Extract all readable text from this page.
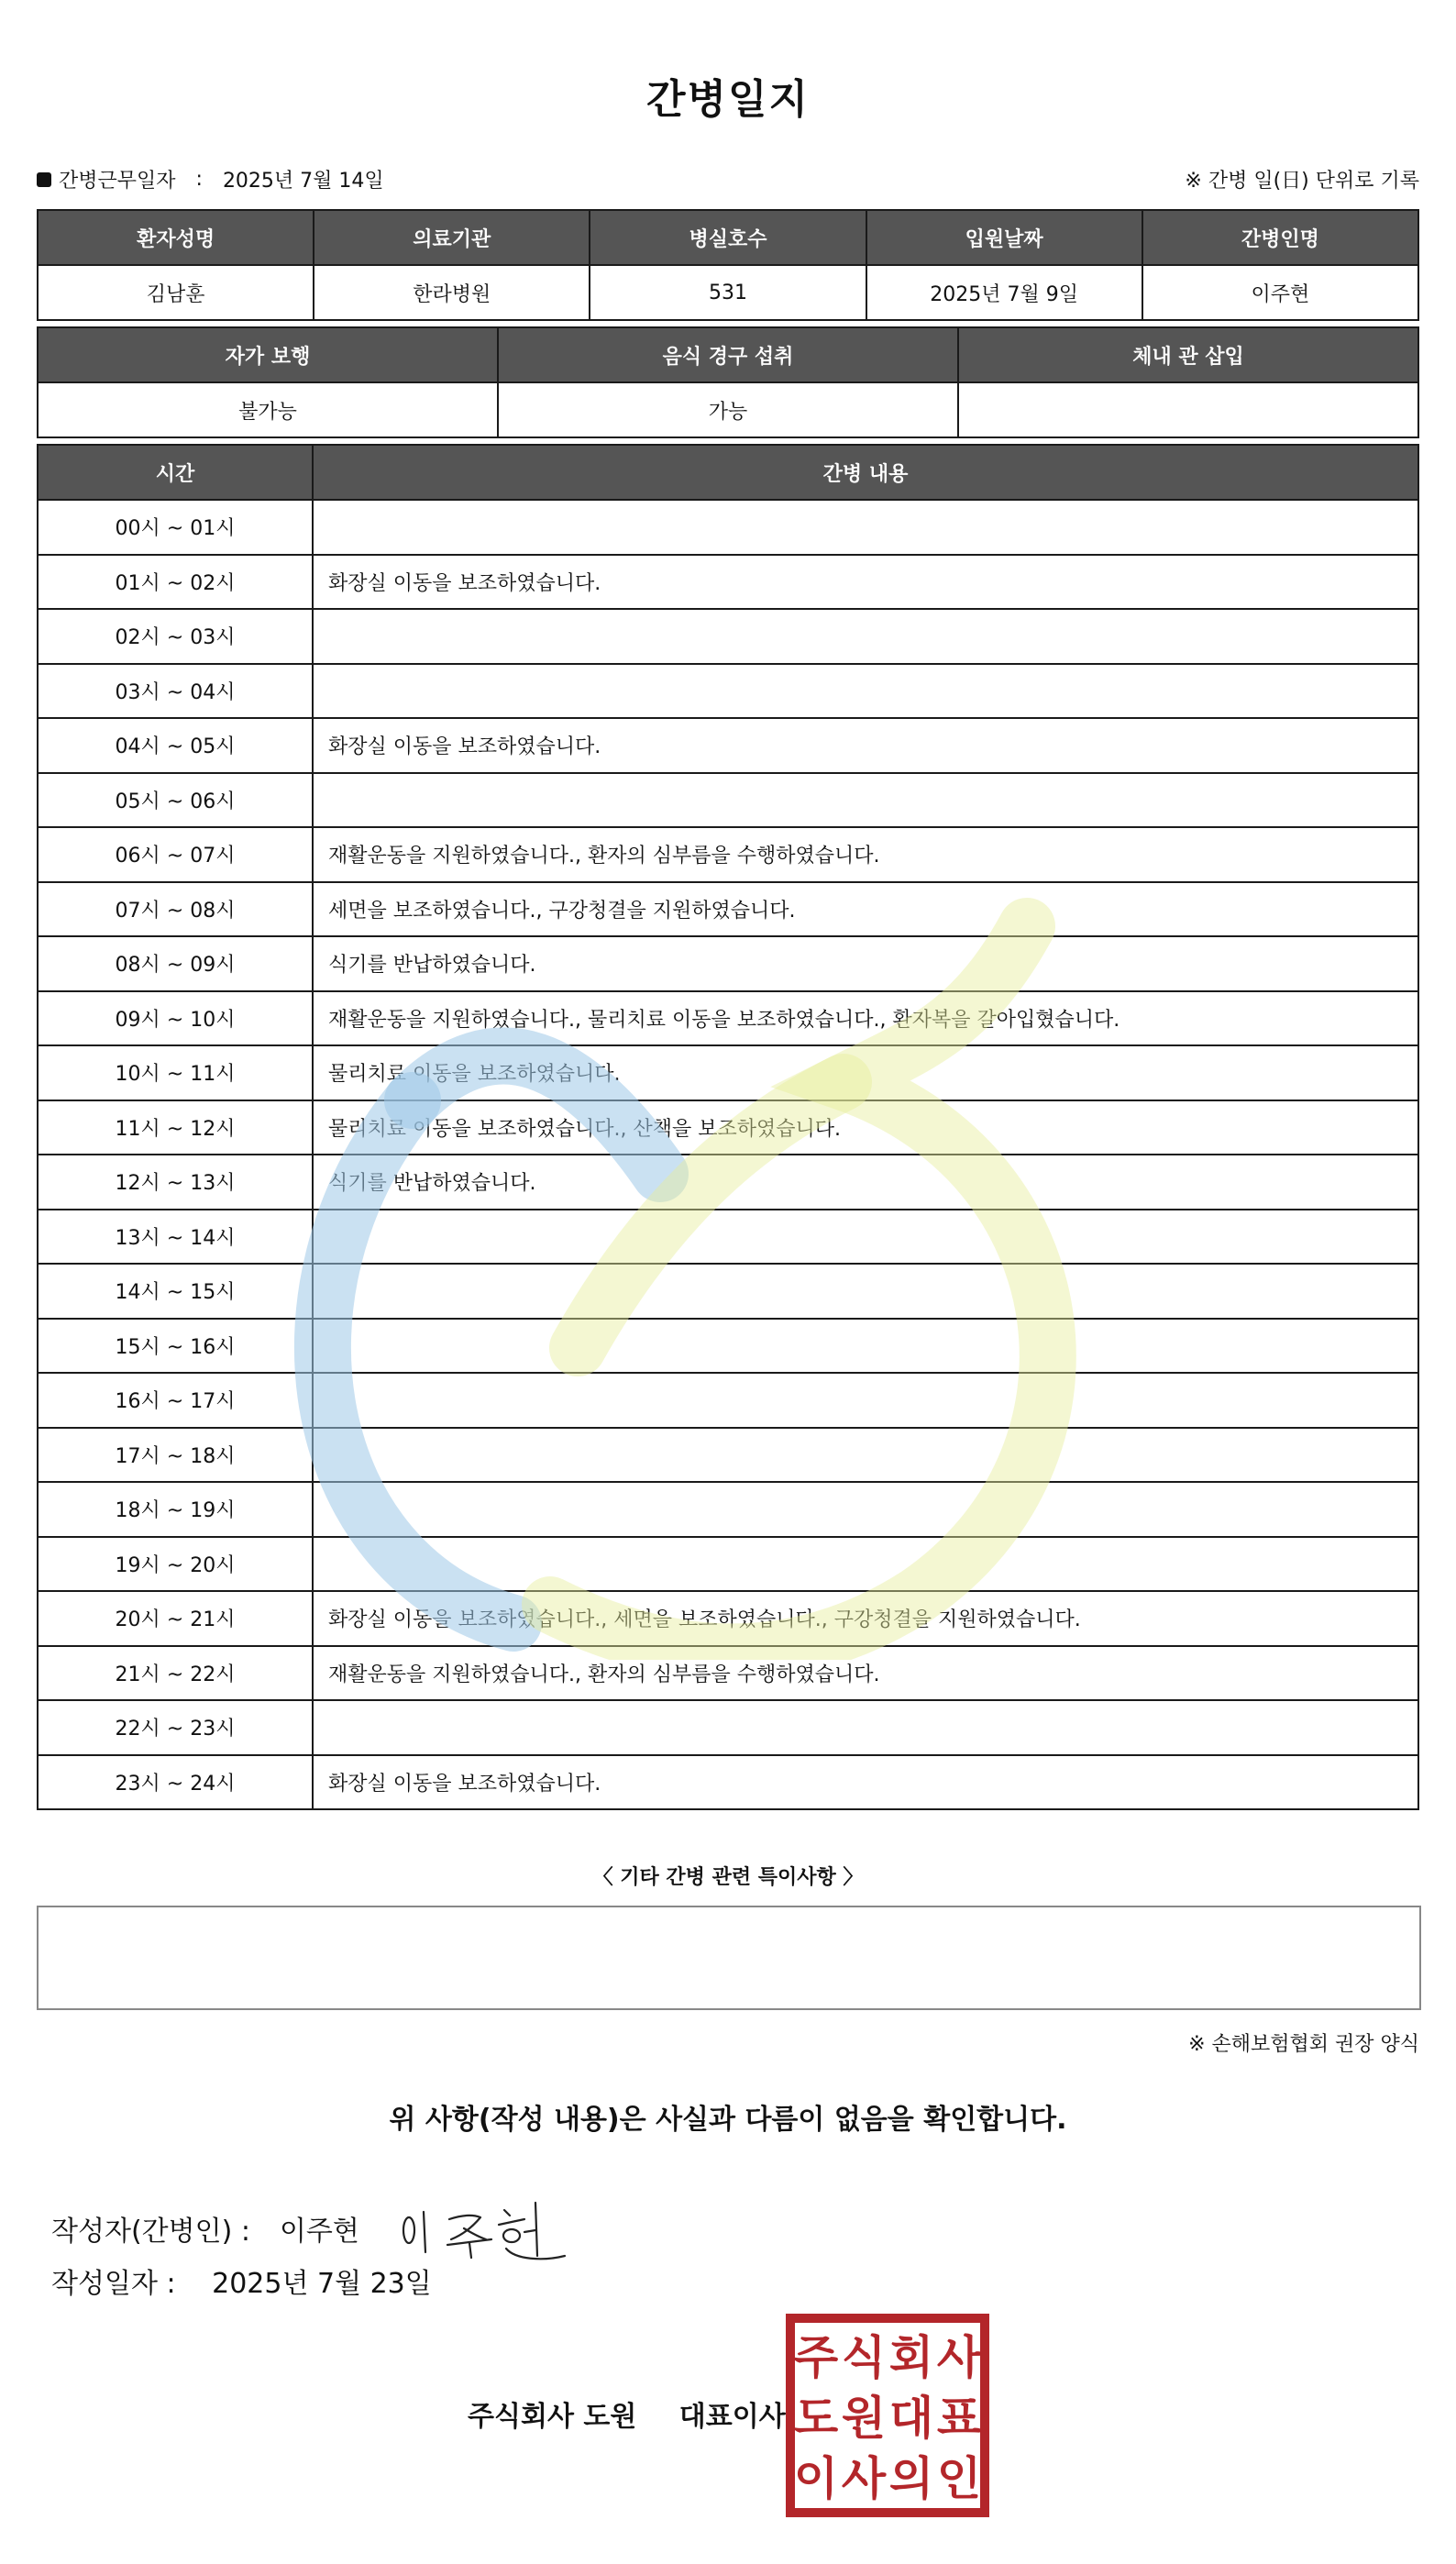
간병일지
간병근무일자 : 2025년 7월 14일	※ 간병 일(日) 단위로 기록
환자성명	의료기관	병실호수	입원날짜	간병인명
김남훈	한라병원	531	2025년 7월 9일	이주현
자가 보행	음식 경구 섭취	체내 관 삽입
불가능	가능	
시간	간병 내용
00시 ~ 01시	
01시 ~ 02시	화장실 이동을 보조하였습니다.
02시 ~ 03시	
03시 ~ 04시	
04시 ~ 05시	화장실 이동을 보조하였습니다.
05시 ~ 06시	
06시 ~ 07시	재활운동을 지원하였습니다., 환자의 심부름을 수행하였습니다.
07시 ~ 08시	세면을 보조하였습니다., 구강청결을 지원하였습니다.
08시 ~ 09시	식기를 반납하였습니다.
09시 ~ 10시	재활운동을 지원하였습니다., 물리치료 이동을 보조하였습니다., 환자복을 갈아입혔습니다.
10시 ~ 11시	물리치료 이동을 보조하였습니다.
11시 ~ 12시	물리치료 이동을 보조하였습니다., 산책을 보조하였습니다.
12시 ~ 13시	식기를 반납하였습니다.
13시 ~ 14시	
14시 ~ 15시	
15시 ~ 16시	
16시 ~ 17시	
17시 ~ 18시	
18시 ~ 19시	
19시 ~ 20시	
20시 ~ 21시	화장실 이동을 보조하였습니다., 세면을 보조하였습니다., 구강청결을 지원하였습니다.
21시 ~ 22시	재활운동을 지원하였습니다., 환자의 심부름을 수행하였습니다.
22시 ~ 23시	
23시 ~ 24시	화장실 이동을 보조하였습니다.
〈 기타 간병 관련 특이사항 〉
※ 손해보험협회 권장 양식
위 사항(작성 내용)은 사실과 다름이 없음을 확인합니다.
작성자(간병인) : 이주현
작성일자 : 2025년 7월 23일
주식회사 도원 대표이사
주 식 회 사
도 원 대 표
이 사 의 인
